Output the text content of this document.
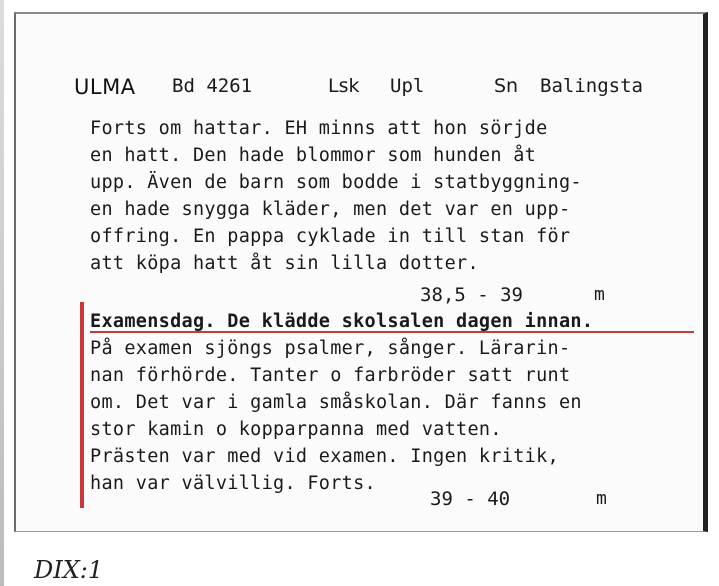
ULMA Bd 4261	Lsk Upl	Sn Balingsta
Forts om hattar. EH minns att hon sörjde
en hatt. Den hade blommor som hunden åt
upp. Även de barn som bodde i statbyggning-
en hade snygga kläder, men det var en upp-
offring. En pappa cyklade in till stan för
att köpa hatt åt sin lilla dotter.
38,5 - 39	m
Examensdag. De klädde skolsalen dagen innan.
På examen sjöngs psalmer, sånger. Lärarin-
nan förhörde. Tanter o farbröder satt runt
om. Det var i gamla småskolan. Där fanns en
stor kamin o kopparpanna med vatten.
Prästen var med vid examen. Ingen kritik,
han var välvillig. Forts.
39 - 40	m
DIX:1
